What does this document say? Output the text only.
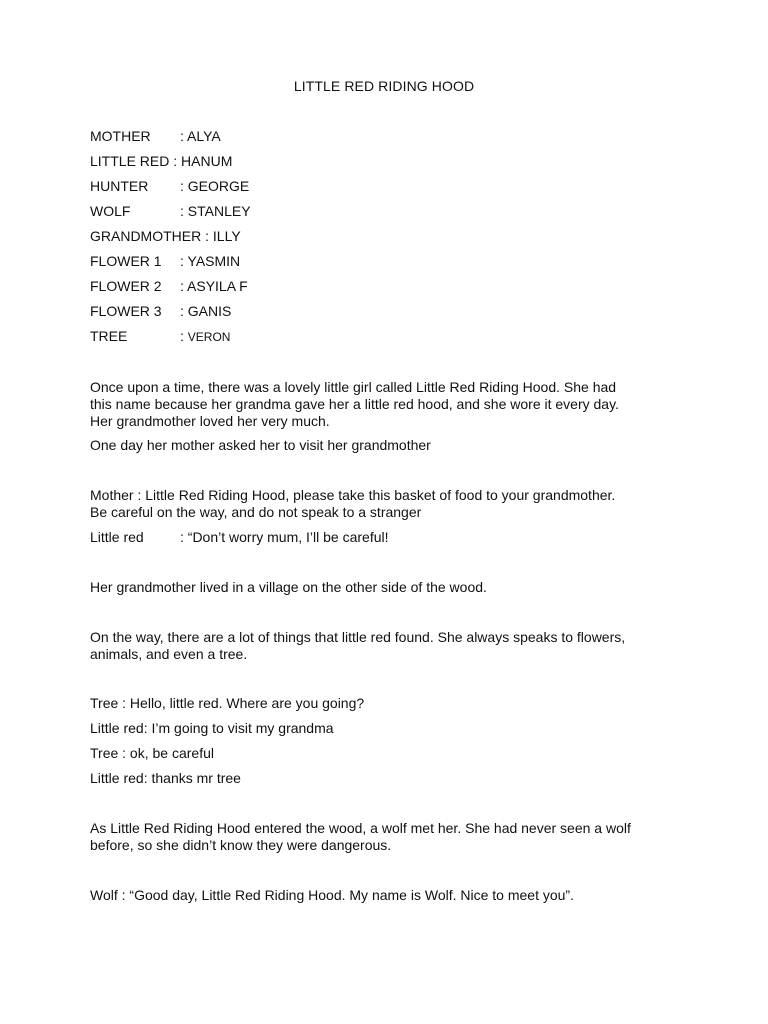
LITTLE RED RIDING HOOD
MOTHER : ALYA
LITTLE RED : HANUM
HUNTER : GEORGE
WOLF	: STANLEY
GRANDMOTHER : ILLY
FLOWER 1 : YASMIN
FLOWER 2 : ASYILA F
FLOWER 3 : GANIS
TREE	: VERON
Once upon a time, there was a lovely little girl called Little Red Riding Hood. She had
this name because her grandma gave her a little red hood, and she wore it every day.
Her grandmother loved her very much.
One day her mother asked her to visit her grandmother
Mother : Little Red Riding Hood, please take this basket of food to your grandmother.
Be careful on the way, and do not speak to a stranger
Little red	: “Don’t worry mum, I’ll be careful!
Her grandmother lived in a village on the other side of the wood.
On the way, there are a lot of things that little red found. She always speaks to flowers,
animals, and even a tree.
Tree : Hello, little red. Where are you going?
Little red: I’m going to visit my grandma
Tree : ok, be careful
Little red: thanks mr tree
As Little Red Riding Hood entered the wood, a wolf met her. She had never seen a wolf
before, so she didn’t know they were dangerous.
Wolf : “Good day, Little Red Riding Hood. My name is Wolf. Nice to meet you”.
